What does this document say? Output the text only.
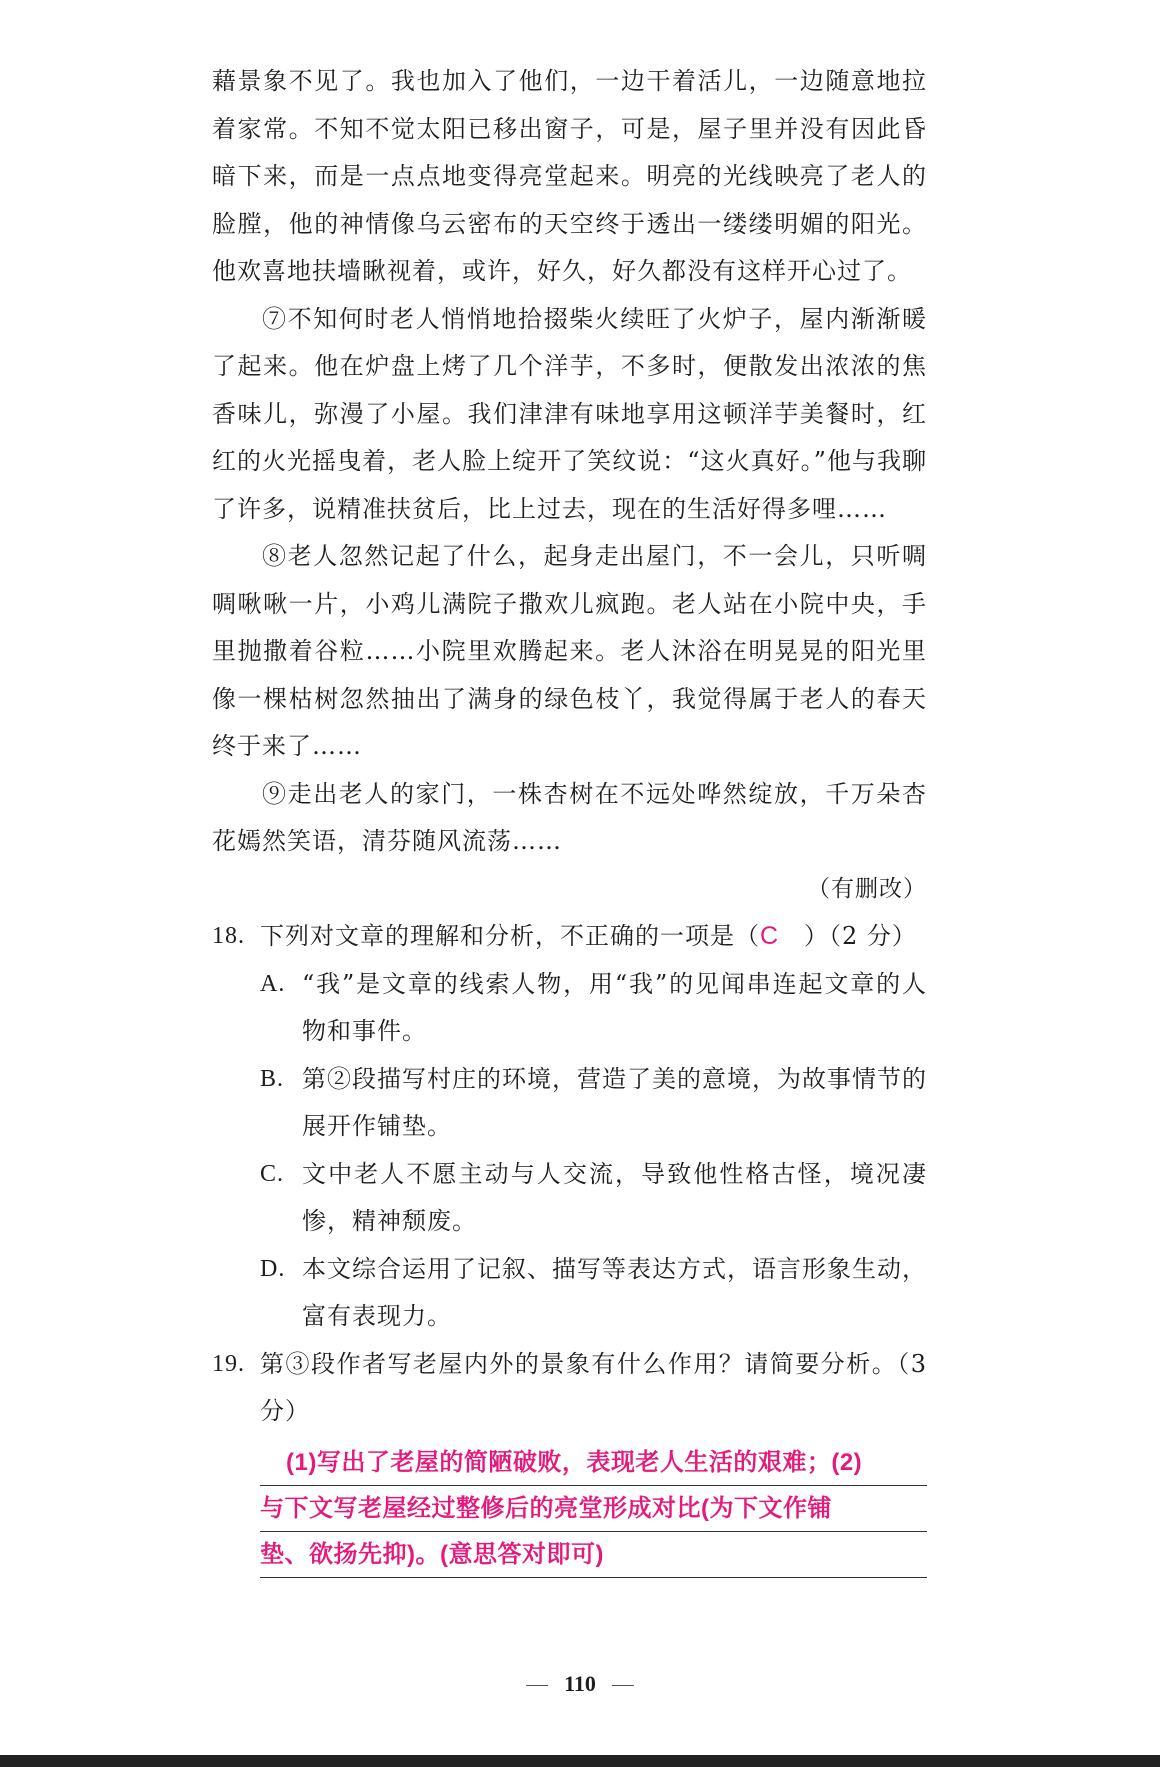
藉景象不见了。我也加入了他们，一边干着活儿，一边随意地拉着家常。不知不觉太阳已移出窗子，可是，屋子里并没有因此昏暗下来，而是一点点地变得亮堂起来。明亮的光线映亮了老人的脸膛，他的神情像乌云密布的天空终于透出一缕缕明媚的阳光。他欢喜地扶墙瞅视着，或许，好久，好久都没有这样开心过了。

⑦不知何时老人悄悄地拾掇柴火续旺了火炉子，屋内渐渐暖了起来。他在炉盘上烤了几个洋芋，不多时，便散发出浓浓的焦香味儿，弥漫了小屋。我们津津有味地享用这顿洋芋美餐时，红红的火光摇曳着，老人脸上绽开了笑纹说：“这火真好。”他与我聊了许多，说精准扶贫后，比上过去，现在的生活好得多哩……

⑧老人忽然记起了什么，起身走出屋门，不一会儿，只听啁啁啾啾一片，小鸡儿满院子撒欢儿疯跑。老人站在小院中央，手里抛撒着谷粒……小院里欢腾起来。老人沐浴在明晃晃的阳光里像一棵枯树忽然抽出了满身的绿色枝丫，我觉得属于老人的春天终于来了……

⑨走出老人的家门，一株杏树在不远处哗然绽放，千万朵杏花嫣然笑语，清芬随风流荡……

（有删改）

18. 下列对文章的理解和分析，不正确的一项是（C ）（2 分）
A. “我”是文章的线索人物，用“我”的见闻串连起文章的人物和事件。
B. 第②段描写村庄的环境，营造了美的意境，为故事情节的展开作铺垫。
C. 文中老人不愿主动与人交流，导致他性格古怪，境况凄惨，精神颓废。
D. 本文综合运用了记叙、描写等表达方式，语言形象生动，富有表现力。
19. 第③段作者写老屋内外的景象有什么作用？请简要分析。（3 分）
(1)写出了老屋的简陋破败，表现老人生活的艰难；(2)
与下文写老屋经过整修后的亮堂形成对比(为下文作铺
垫、欲扬先抑)。(意思答对即可)
110
